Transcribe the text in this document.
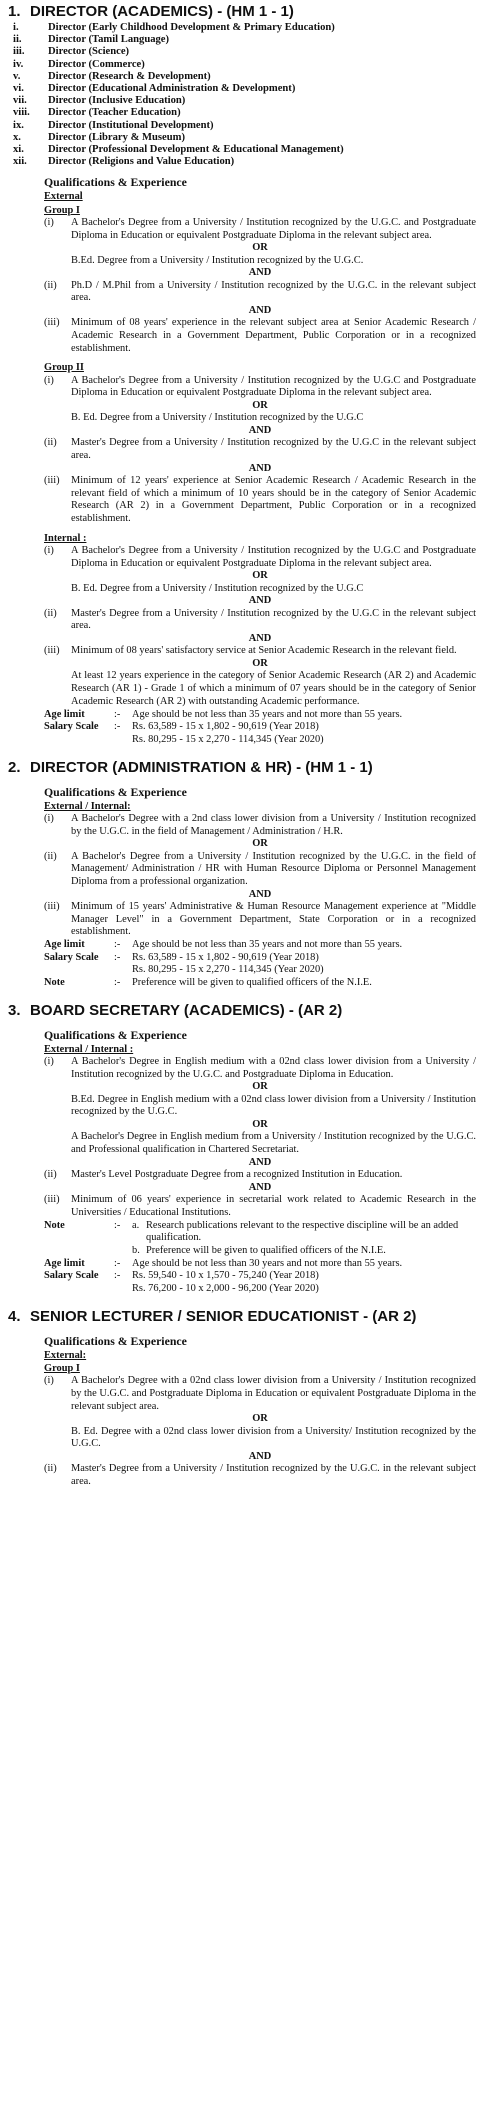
1. DIRECTOR (ACADEMICS) - (HM 1 - 1)
i.	Director (Early Childhood Development & Primary Education)
ii.	Director (Tamil Language)
iii.	Director (Science)
iv.	Director (Commerce)
v.	Director (Research & Development)
vi.	Director (Educational Administration & Development)
vii.	Director (Inclusive Education)
viii.	Director (Teacher Education)
ix.	Director (Institutional Development)
x.	Director (Library & Museum)
xi.	Director (Professional Development & Educational Management)
xii.	Director (Religions and Value Education)
Qualifications & Experience
External
Group I
(i)	A Bachelor's Degree from a University / Institution recognized by the U.G.C. and Postgraduate Diploma in Education or equivalent Postgraduate Diploma in the relevant subject area.
OR
B.Ed. Degree from a University / Institution recognized by the U.G.C.
AND
(ii)	Ph.D / M.Phil from a University / Institution recognized by the U.G.C. in the relevant subject area.
AND
(iii)	Minimum of 08 years' experience in the relevant subject area at Senior Academic Research / Academic Research in a Government Department, Public Corporation or in a recognized establishment.
Group II
(i)	A Bachelor's Degree from a University / Institution recognized by the U.G.C and Postgraduate Diploma in Education or equivalent Postgraduate Diploma in the relevant subject area.
OR
B. Ed. Degree from a University / Institution recognized by the U.G.C
AND
(ii)	Master's Degree from a University / Institution recognized by the U.G.C in the relevant subject area.
AND
(iii)	Minimum of 12 years' experience at Senior Academic Research / Academic Research in the relevant field of which a minimum of 10 years should be in the category of Senior Academic Research (AR 2) in a Government Department, Public Corporation or in a recognized establishment.
Internal :
(i)	A Bachelor's Degree from a University / Institution recognized by the U.G.C and Postgraduate Diploma in Education or equivalent Postgraduate Diploma in the relevant subject area.
OR
B. Ed. Degree from a University / Institution recognized by the U.G.C
AND
(ii)	Master's Degree from a University / Institution recognized by the U.G.C in the relevant subject area.
AND
(iii)	Minimum of 08 years' satisfactory service at Senior Academic Research in the relevant field.
OR
At least 12 years experience in the category of Senior Academic Research (AR 2) and Academic Research (AR 1) - Grade 1 of which a minimum of 07 years should be in the category of Senior Academic Research (AR 2) with outstanding Academic performance.
Age limit	:-	Age should be not less than 35 years and not more than 55 years.
Salary Scale	:-	Rs. 63,589 - 15 x 1,802 - 90,619 (Year 2018)
Rs. 80,295 - 15 x 2,270 - 114,345 (Year 2020)
2. DIRECTOR (ADMINISTRATION & HR) - (HM 1 - 1)
Qualifications & Experience
External / Internal:
(i)	A Bachelor's Degree with a 2nd class lower division from a University / Institution recognized by the U.G.C. in the field of Management / Administration / H.R.
OR
(ii)	A Bachelor's Degree from a University / Institution recognized by the U.G.C. in the field of Management/ Administration / HR with Human Resource Diploma or Personnel Management Diploma from a professional organization.
AND
(iii)	Minimum of 15 years' Administrative & Human Resource Management experience at "Middle Manager Level" in a Government Department, State Corporation or in a recognized establishment.
Age limit	:-	Age should be not less than 35 years and not more than 55 years.
Salary Scale	:-	Rs. 63,589 - 15 x 1,802 - 90,619 (Year 2018)
Rs. 80,295 - 15 x 2,270 - 114,345 (Year 2020)
Note	:-	Preference will be given to qualified officers of the N.I.E.
3. BOARD SECRETARY (ACADEMICS) - (AR 2)
Qualifications & Experience
External / Internal :
(i)	A Bachelor's Degree in English medium with a 02nd class lower division from a University / Institution recognized by the U.G.C. and Postgraduate Diploma in Education.
OR
B.Ed. Degree in English medium with a 02nd class lower division from a University / Institution recognized by the U.G.C.
OR
A Bachelor's Degree in English medium from a University / Institution recognized by the U.G.C. and Professional qualification in Chartered Secretariat.
AND
(ii)	Master's Level Postgraduate Degree from a recognized Institution in Education.
AND
(iii)	Minimum of 06 years' experience in secretarial work related to Academic Research in the Universities / Educational Institutions.
Note	:-	a. Research publications relevant to the respective discipline will be an added qualification.
b. Preference will be given to qualified officers of the N.I.E.
Age limit	:-	Age should be not less than 30 years and not more than 55 years.
Salary Scale	:-	Rs. 59,540 - 10 x 1,570 - 75,240 (Year 2018)
Rs. 76,200 - 10 x 2,000 - 96,200 (Year 2020)
4. SENIOR LECTURER / SENIOR EDUCATIONIST - (AR 2)
Qualifications & Experience
External:
Group I
(i)	A Bachelor's Degree with a 02nd class lower division from a University / Institution recognized by the U.G.C. and Postgraduate Diploma in Education or equivalent Postgraduate Diploma in the relevant subject area.
OR
B. Ed. Degree with a 02nd class lower division from a University/ Institution recognized by the U.G.C.
AND
(ii)	Master's Degree from a University / Institution recognized by the U.G.C. in the relevant subject area.
